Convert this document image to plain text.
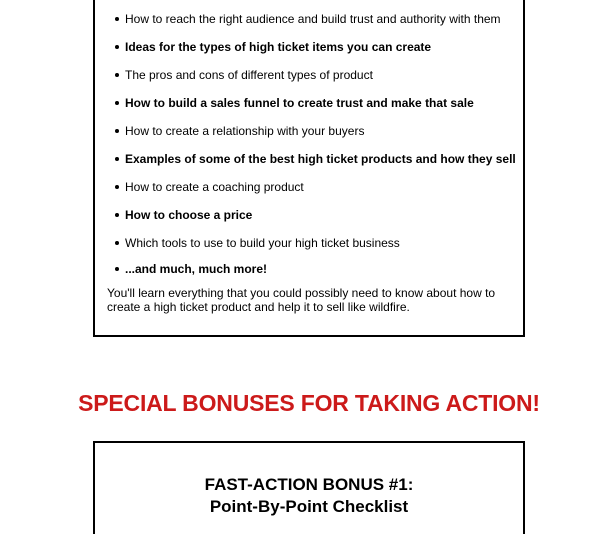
How to reach the right audience and build trust and authority with them
Ideas for the types of high ticket items you can create
The pros and cons of different types of product
How to build a sales funnel to create trust and make that sale
How to create a relationship with your buyers
Examples of some of the best high ticket products and how they sell
How to create a coaching product
How to choose a price
Which tools to use to build your high ticket business
...and much, much more!

You'll learn everything that you could possibly need to know about how to create a high ticket product and help it to sell like wildfire.

SPECIAL BONUSES FOR TAKING ACTION!
FAST-ACTION BONUS #1:
Point-By-Point Checklist
